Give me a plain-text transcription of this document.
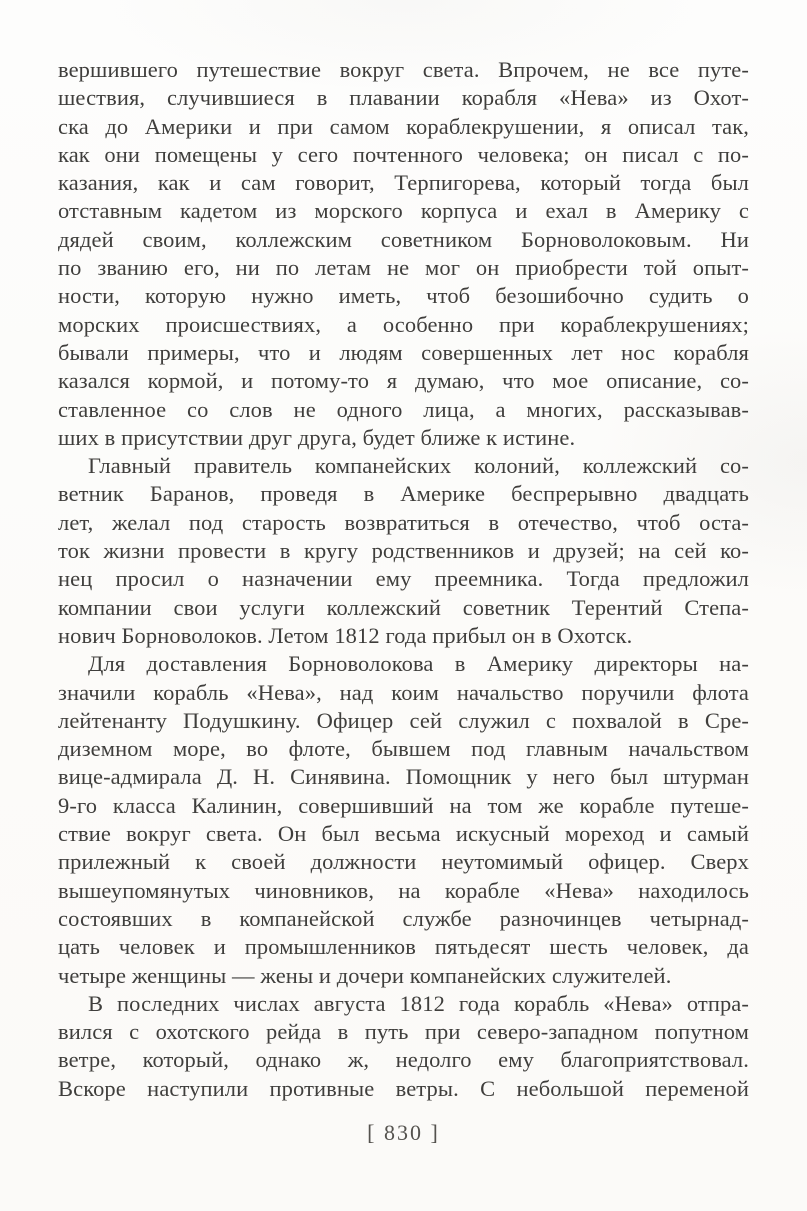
вершившего путешествие вокруг света. Впрочем, не все путе-
шествия, случившиеся в плавании корабля «Нева» из Охот-
ска до Америки и при самом кораблекрушении, я описал так,
как они помещены у сего почтенного человека; он писал с по-
казания, как и сам говорит, Терпигорева, который тогда был
отставным кадетом из морского корпуса и ехал в Америку с
дядей своим, коллежским советником Борноволоковым. Ни
по званию его, ни по летам не мог он приобрести той опыт-
ности, которую нужно иметь, чтоб безошибочно судить о
морских происшествиях, а особенно при кораблекрушениях;
бывали примеры, что и людям совершенных лет нос корабля
казался кормой, и потому-то я думаю, что мое описание, со-
ставленное со слов не одного лица, а многих, рассказывав-
ших в присутствии друг друга, будет ближе к истине.
Главный правитель компанейских колоний, коллежский со-
ветник Баранов, проведя в Америке беспрерывно двадцать
лет, желал под старость возвратиться в отечество, чтоб оста-
ток жизни провести в кругу родственников и друзей; на сей ко-
нец просил о назначении ему преемника. Тогда предложил
компании свои услуги коллежский советник Терентий Степа-
нович Борноволоков. Летом 1812 года прибыл он в Охотск.
Для доставления Борноволокова в Америку директоры на-
значили корабль «Нева», над коим начальство поручили флота
лейтенанту Подушкину. Офицер сей служил с похвалой в Сре-
диземном море, во флоте, бывшем под главным начальством
вице-адмирала Д. Н. Синявина. Помощник у него был штурман
9-го класса Калинин, совершивший на том же корабле путеше-
ствие вокруг света. Он был весьма искусный мореход и самый
прилежный к своей должности неутомимый офицер. Сверх
вышеупомянутых чиновников, на корабле «Нева» находилось
состоявших в компанейской службе разночинцев четырнад-
цать человек и промышленников пятьдесят шесть человек, да
четыре женщины — жены и дочери компанейских служителей.
В последних числах августа 1812 года корабль «Нева» отпра-
вился с охотского рейда в путь при северо-западном попутном
ветре, который, однако ж, недолго ему благоприятствовал.
Вскоре наступили противные ветры. С небольшой переменой
[ 830 ]
